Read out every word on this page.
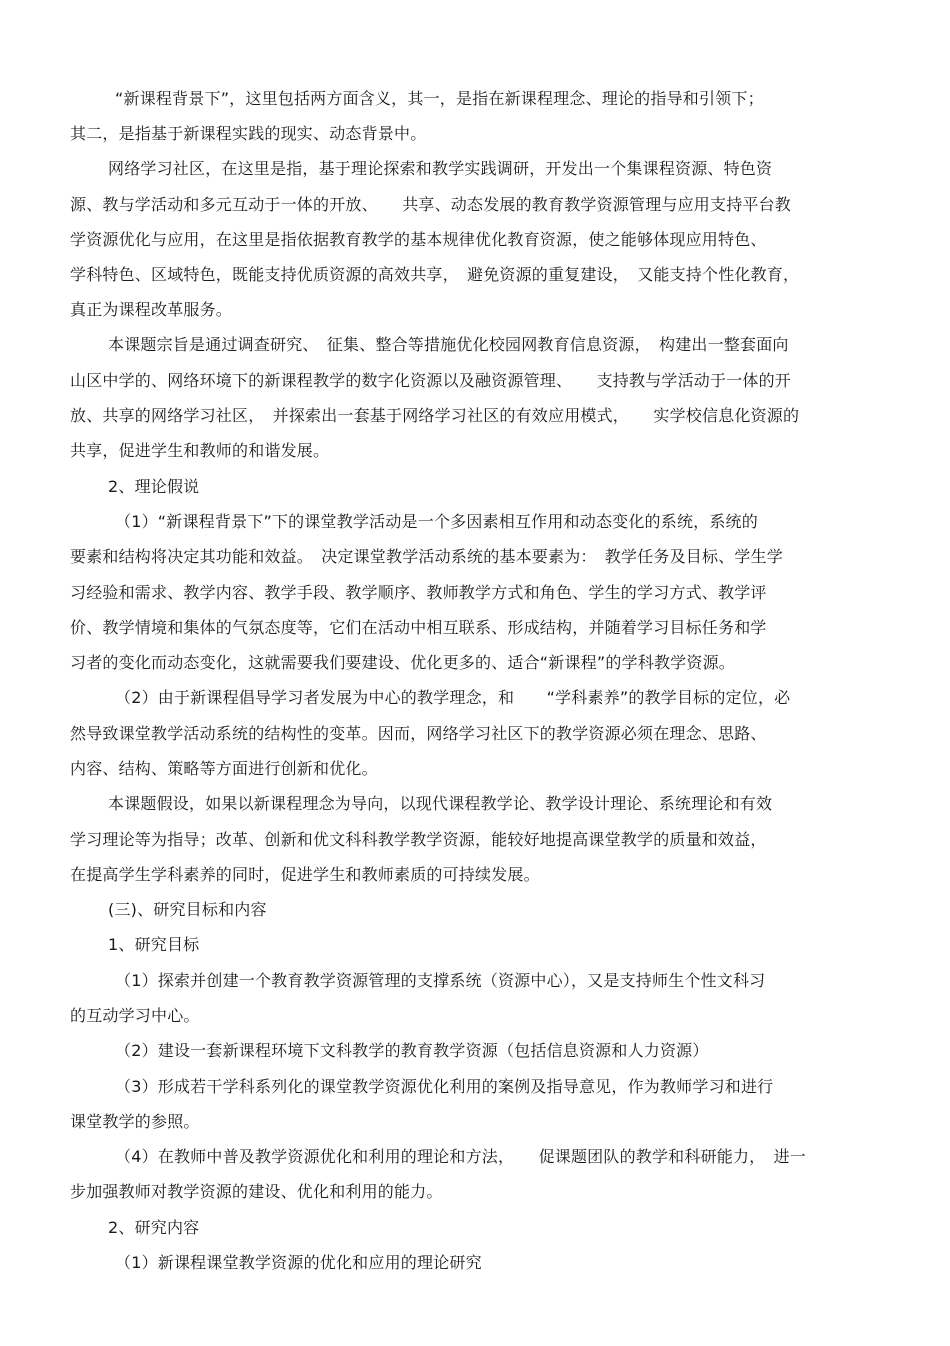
“新课程背景下”，这里包括两方面含义，其一，是指在新课程理念、理论的指导和引领下；
其二，是指基于新课程实践的现实、动态背景中。
网络学习社区，在这里是指，基于理论探索和教学实践调研，开发出一个集课程资源、特色资
源、教与学活动和多元互动于一体的开放、　　共享、动态发展的教育教学资源管理与应用支持平台教
学资源优化与应用，在这里是指依据教育教学的基本规律优化教育资源，使之能够体现应用特色、
学科特色、区域特色，既能支持优质资源的高效共享，　避免资源的重复建设，　又能支持个性化教育，
真正为课程改革服务。
本课题宗旨是通过调查研究、　征集、整合等措施优化校园网教育信息资源，　构建出一整套面向
山区中学的、网络环境下的新课程教学的数字化资源以及融资源管理、　　支持教与学活动于一体的开
放、共享的网络学习社区，　并探索出一套基于网络学习社区的有效应用模式，　　实学校信息化资源的
共享，促进学生和教师的和谐发展。
2、理论假说
（1）“新课程背景下”下的课堂教学活动是一个多因素相互作用和动态变化的系统，系统的
要素和结构将决定其功能和效益。　决定课堂教学活动系统的基本要素为：　教学任务及目标、学生学
习经验和需求、教学内容、教学手段、教学顺序、教师教学方式和角色、学生的学习方式、教学评
价、教学情境和集体的气氛态度等，它们在活动中相互联系、形成结构，并随着学习目标任务和学
习者的变化而动态变化，这就需要我们要建设、优化更多的、适合“新课程”的学科教学资源。
（2）由于新课程倡导学习者发展为中心的教学理念，和　　“学科素养”的教学目标的定位，必
然导致课堂教学活动系统的结构性的变革。因而，网络学习社区下的教学资源必须在理念、思路、
内容、结构、策略等方面进行创新和优化。
本课题假设，如果以新课程理念为导向，以现代课程教学论、教学设计理论、系统理论和有效
学习理论等为指导；改革、创新和优文科科教学教学资源，能较好地提高课堂教学的质量和效益，
在提高学生学科素养的同时，促进学生和教师素质的可持续发展。
(三)、研究目标和内容
1、研究目标
（1）探索并创建一个教育教学资源管理的支撑系统（资源中心），又是支持师生个性文科习
的互动学习中心。
（2）建设一套新课程环境下文科教学的教育教学资源（包括信息资源和人力资源）
（3）形成若干学科系列化的课堂教学资源优化利用的案例及指导意见，作为教师学习和进行
课堂教学的参照。
（4）在教师中普及教学资源优化和利用的理论和方法，　　促课题团队的教学和科研能力，　进一
步加强教师对教学资源的建设、优化和利用的能力。
2、研究内容
（1）新课程课堂教学资源的优化和应用的理论研究
